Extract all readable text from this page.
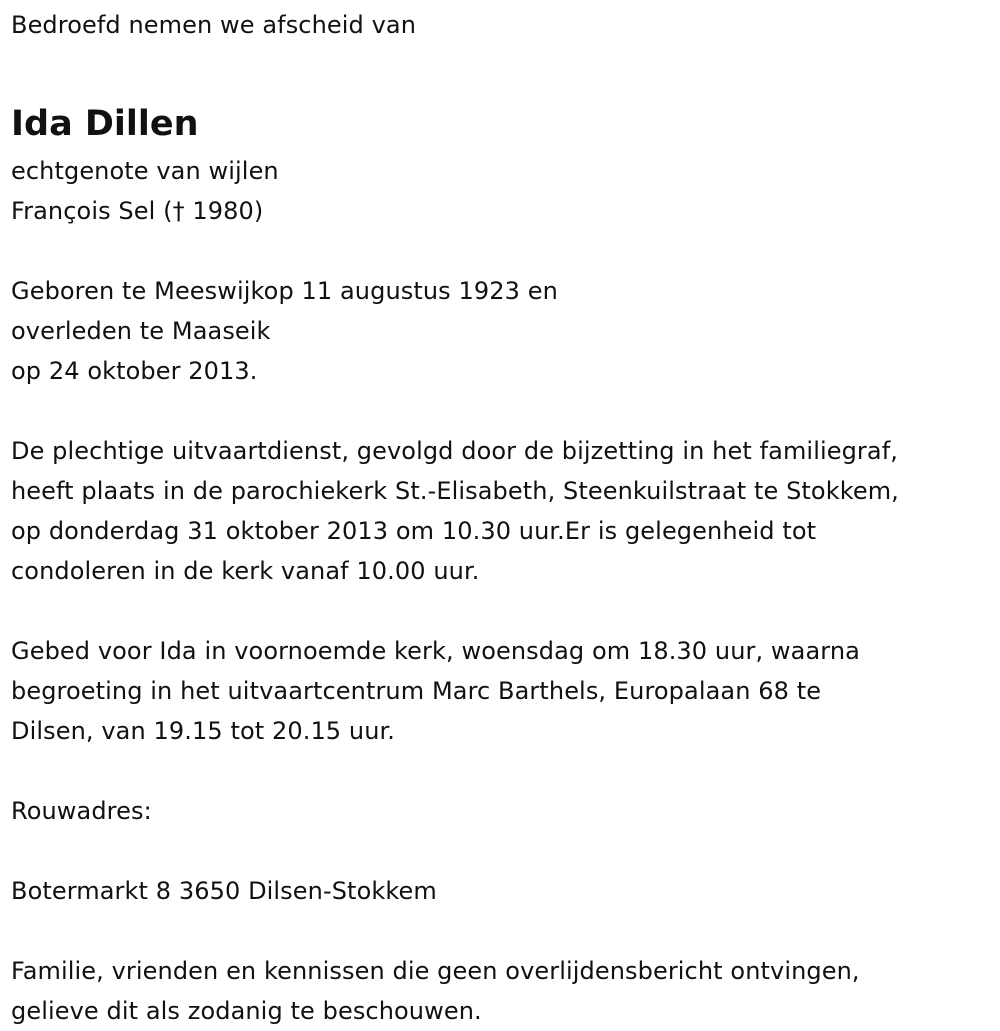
Bedroefd nemen we afscheid van
Ida Dillen
echtgenote van wijlen
François Sel († 1980)
Geboren te Meeswijkop 11 augustus 1923 en
overleden te Maaseik
op 24 oktober 2013.
De plechtige uitvaartdienst, gevolgd door de bijzetting in het familiegraf,
heeft plaats in de parochiekerk St.-Elisabeth, Steenkuilstraat te Stokkem,
op donderdag 31 oktober 2013 om 10.30 uur.Er is gelegenheid tot
condoleren in de kerk vanaf 10.00 uur.
Gebed voor Ida in voornoemde kerk, woensdag om 18.30 uur, waarna
begroeting in het uitvaartcentrum Marc Barthels, Europalaan 68 te
Dilsen, van 19.15 tot 20.15 uur.
Rouwadres:
Botermarkt 8 3650 Dilsen-Stokkem
Familie, vrienden en kennissen die geen overlijdensbericht ontvingen,
gelieve dit als zodanig te beschouwen.
